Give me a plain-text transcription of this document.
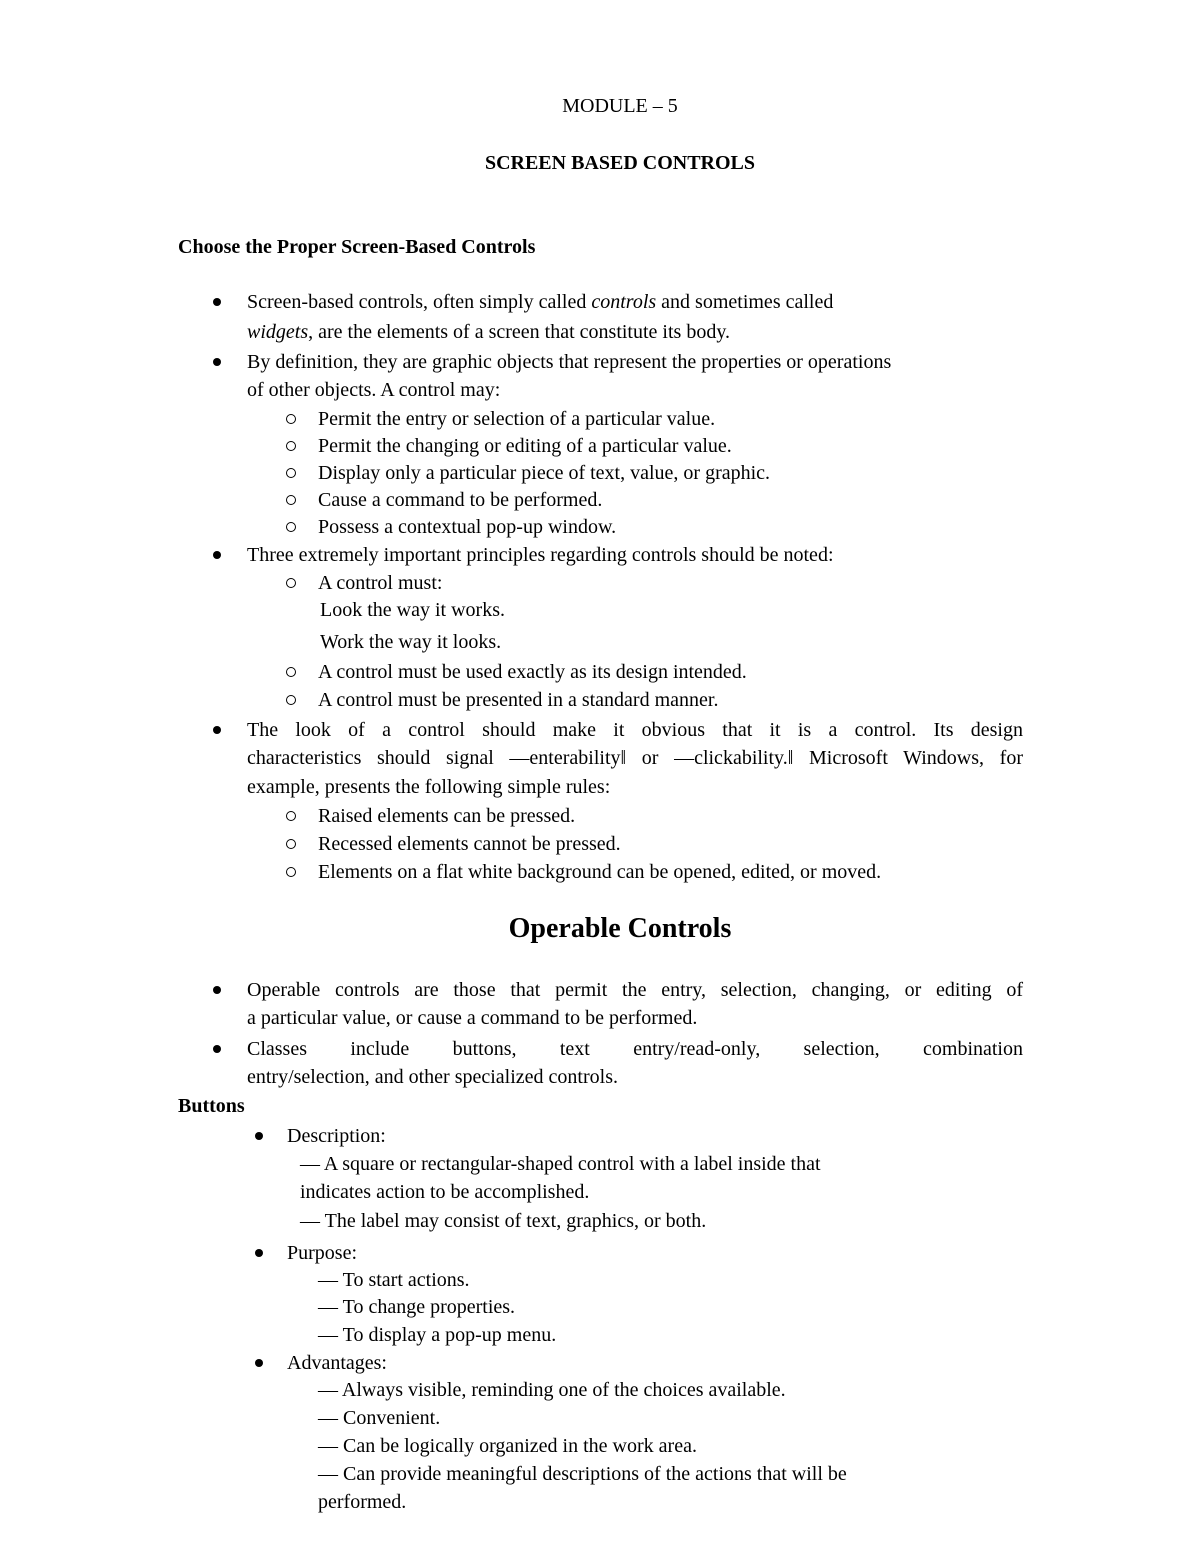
MODULE – 5
SCREEN BASED CONTROLS
Choose the Proper Screen-Based Controls
Screen-based controls, often simply called controls and sometimes called
widgets, are the elements of a screen that constitute its body.
By definition, they are graphic objects that represent the properties or operations
of other objects. A control may:
Permit the entry or selection of a particular value.
Permit the changing or editing of a particular value.
Display only a particular piece of text, value, or graphic.
Cause a command to be performed.
Possess a contextual pop-up window.
Three extremely important principles regarding controls should be noted:
A control must:
Look the way it works.
Work the way it looks.
A control must be used exactly as its design intended.
A control must be presented in a standard manner.
The look of a control should make it obvious that it is a control. Its design
characteristics should signal ―enterability‖ or ―clickability.‖ Microsoft Windows, for
example, presents the following simple rules:
Raised elements can be pressed.
Recessed elements cannot be pressed.
Elements on a flat white background can be opened, edited, or moved.
Operable Controls
Operable controls are those that permit the entry, selection, changing, or editing of
a particular value, or cause a command to be performed.
Classes include buttons, text entry/read-only, selection, combination
entry/selection, and other specialized controls.
Buttons
Description:
— A square or rectangular-shaped control with a label inside that
indicates action to be accomplished.
— The label may consist of text, graphics, or both.
Purpose:
— To start actions.
— To change properties.
— To display a pop-up menu.
Advantages:
— Always visible, reminding one of the choices available.
— Convenient.
— Can be logically organized in the work area.
— Can provide meaningful descriptions of the actions that will be
performed.
